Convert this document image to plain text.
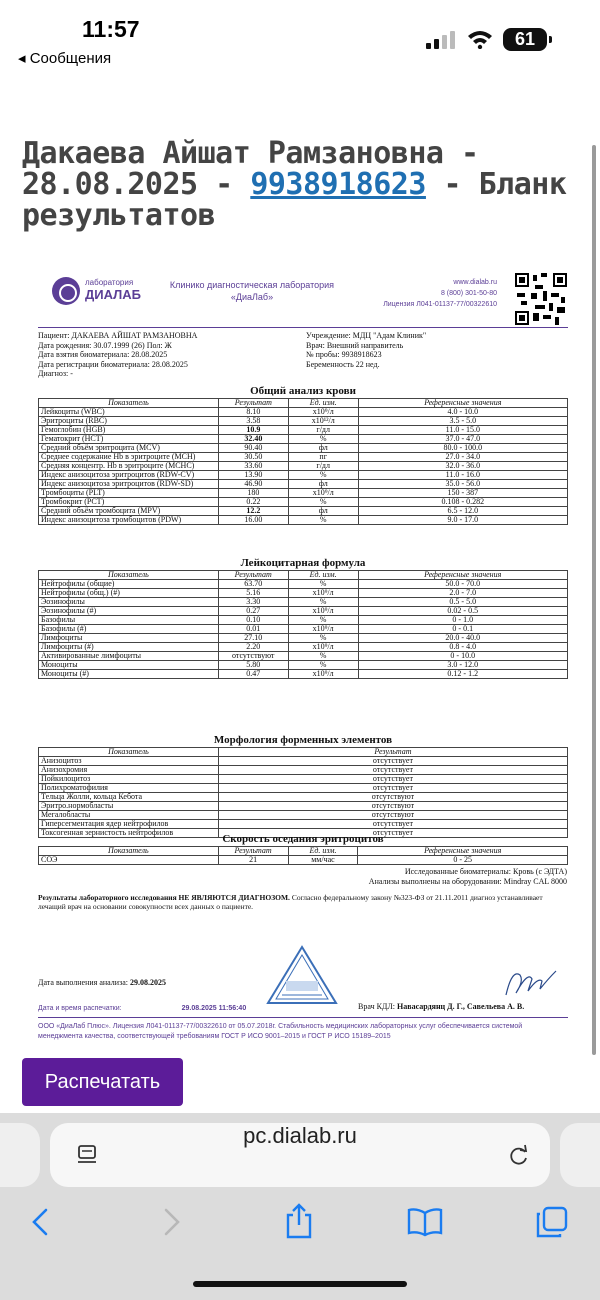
11:57
◂ Сообщения
61
Дакаева Айшат Рамзановна - 28.08.2025 - 9938918623 - Бланк результатов
лаборатория
ДИАЛАБ
Клинико диагностическая лаборатория «ДиаЛаб»
www.dialab.ru
8 (800) 301-50-80
Лицензия Л041-01137-77/00322610
Пациент: ДАКАЕВА АЙШАТ РАМЗАНОВНА
Дата рождения: 30.07.1999 (26) Пол: Ж
Дата взятия биоматериала: 28.08.2025
Дата регистрации биоматериала: 28.08.2025
Диагноз: -
Учреждение: МДЦ "Адам Клиник"
Врач: Внешний направитель
№ пробы: 9938918623
Беременность 22 нед.
Общий анализ крови
Показатель	Результат	Ед. изм.	Референсные значения
Лейкоциты (WBC)	8.10	x10⁹/л	4.0 - 10.0
Эритроциты (RBC)	3.58	x10¹²/л	3.5 - 5.0
Гемоглобин (HGB)	10.9	г/дл	11.0 - 15.0
Гематокрит (HCT)	32.40	%	37.0 - 47.0
Средний объём эритроцита (MCV)	90.40	фл	80.0 - 100.0
Среднее содержание Hb в эритроците (MCH)	30.50	пг	27.0 - 34.0
Средняя концентр. Hb в эритроците (MCHC)	33.60	г/дл	32.0 - 36.0
Индекс анизоцитоза эритроцитов (RDW-CV)	13.90	%	11.0 - 16.0
Индекс анизоцитоза эритроцитов (RDW-SD)	46.90	фл	35.0 - 56.0
Тромбоциты (PLT)	180	x10⁹/л	150 - 387
Тромбокрит (PCT)	0.22	%	0.108 - 0.282
Средний объём тромбоцита (MPV)	12.2	фл	6.5 - 12.0
Индекс анизоцитоза тромбоцитов (PDW)	16.00	%	9.0 - 17.0
Лейкоцитарная формула
Показатель	Результат	Ед. изм.	Референсные значения
Нейтрофилы (общие)	63.70	%	50.0 - 70.0
Нейтрофилы (общ.) (#)	5.16	x10⁹/л	2.0 - 7.0
Эозинофилы	3.30	%	0.5 - 5.0
Эозинофилы (#)	0.27	x10⁹/л	0.02 - 0.5
Базофилы	0.10	%	0 - 1.0
Базофилы (#)	0.01	x10⁹/л	0 - 0.1
Лимфоциты	27.10	%	20.0 - 40.0
Лимфоциты (#)	2.20	x10⁹/л	0.8 - 4.0
Активированные лимфоциты	отсутствуют	%	0 - 10.0
Моноциты	5.80	%	3.0 - 12.0
Моноциты (#)	0.47	x10⁹/л	0.12 - 1.2
Морфология форменных элементов
Показатель	Результат
Анизоцитоз	отсутствует
Анизохромия	отсутствует
Пойкилоцитоз	отсутствует
Полихроматофилия	отсутствует
Тельца Жолли, кольца Кебота	отсутствуют
Эритро.нормобласты	отсутствуют
Мегалобласты	отсутствуют
Гиперсегментация ядер нейтрофилов	отсутствует
Токсогенная зернистость нейтрофилов	отсутствует
Скорость оседания эритроцитов
Показатель	Результат	Ед. изм.	Референсные значения
СОЭ	21	мм/час	0 - 25
Исследованные биоматериалы: Кровь (с ЭДТА)
Анализы выполнены на оборудовании: Mindray CAL 8000
Результаты лабораторного исследования НЕ ЯВЛЯЮТСЯ ДИАГНОЗОМ. Согласно федеральному закону №323-ФЗ от 21.11.2011 диагноз устанавливает лечащий врач на основании совокупности всех данных о пациенте.
Дата выполнения анализа: 29.08.2025
Дата и время распечатки:	29.08.2025 11:56:40	Врач КДЛ: Навасардянц Д. Г., Савельева А. В.
ООО «ДиаЛаб Плюс». Лицензия Л041-01137-77/00322610 от 05.07.2018г. Стабильность медицинских лабораторных услуг обеспечивается системой менеджмента качества, соответствующей требованиям ГОСТ Р ИСО 9001–2015 и ГОСТ Р ИСО 15189–2015
Распечатать
pc.dialab.ru
